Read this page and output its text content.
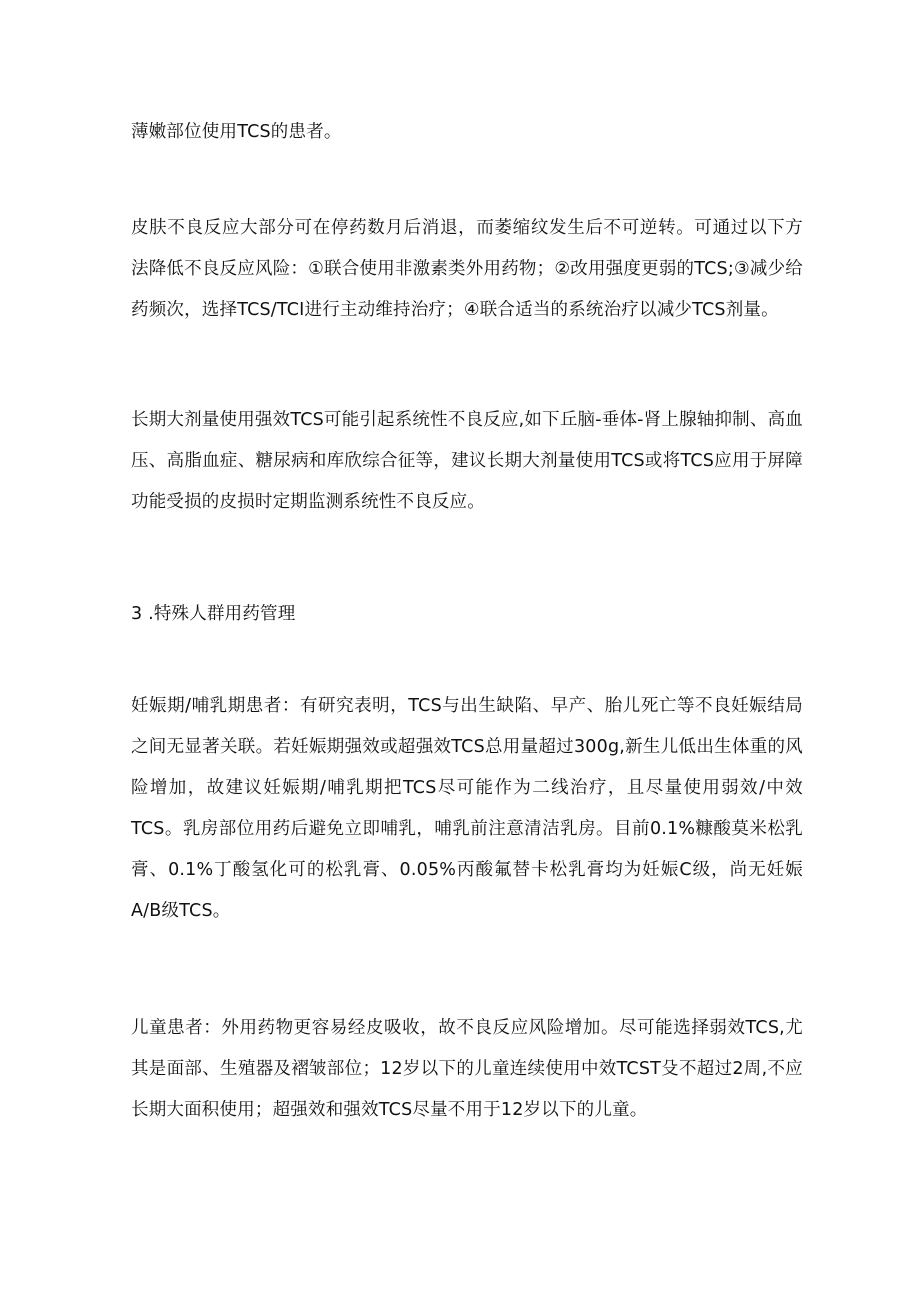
薄嫩部位使用TCS的患者。

皮肤不良反应大部分可在停药数月后消退，而萎缩纹发生后不可逆转。可通过以下方法降低不良反应风险：①联合使用非激素类外用药物；②改用强度更弱的TCS;③减少给药频次，选择TCS/TCI进行主动维持治疗；④联合适当的系统治疗以减少TCS剂量。

长期大剂量使用强效TCS可能引起系统性不良反应,如下丘脑-垂体-肾上腺轴抑制、高血压、高脂血症、糖尿病和库欣综合征等，建议长期大剂量使用TCS或将TCS应用于屏障功能受损的皮损时定期监测系统性不良反应。

3 .特殊人群用药管理

妊娠期/哺乳期患者：有研究表明，TCS与出生缺陷、早产、胎儿死亡等不良妊娠结局之间无显著关联。若妊娠期强效或超强效TCS总用量超过300g,新生儿低出生体重的风险增加，故建议妊娠期/哺乳期把TCS尽可能作为二线治疗，且尽量使用弱效/中效TCS。乳房部位用药后避免立即哺乳，哺乳前注意清洁乳房。目前0.1%糠酸莫米松乳膏、0.1%丁酸氢化可的松乳膏、0.05%丙酸氟替卡松乳膏均为妊娠C级，尚无妊娠A/B级TCS。

儿童患者：外用药物更容易经皮吸收，故不良反应风险增加。尽可能选择弱效TCS,尤其是面部、生殖器及褶皱部位；12岁以下的儿童连续使用中效TCST殳不超过2周,不应长期大面积使用；超强效和强效TCS尽量不用于12岁以下的儿童。
